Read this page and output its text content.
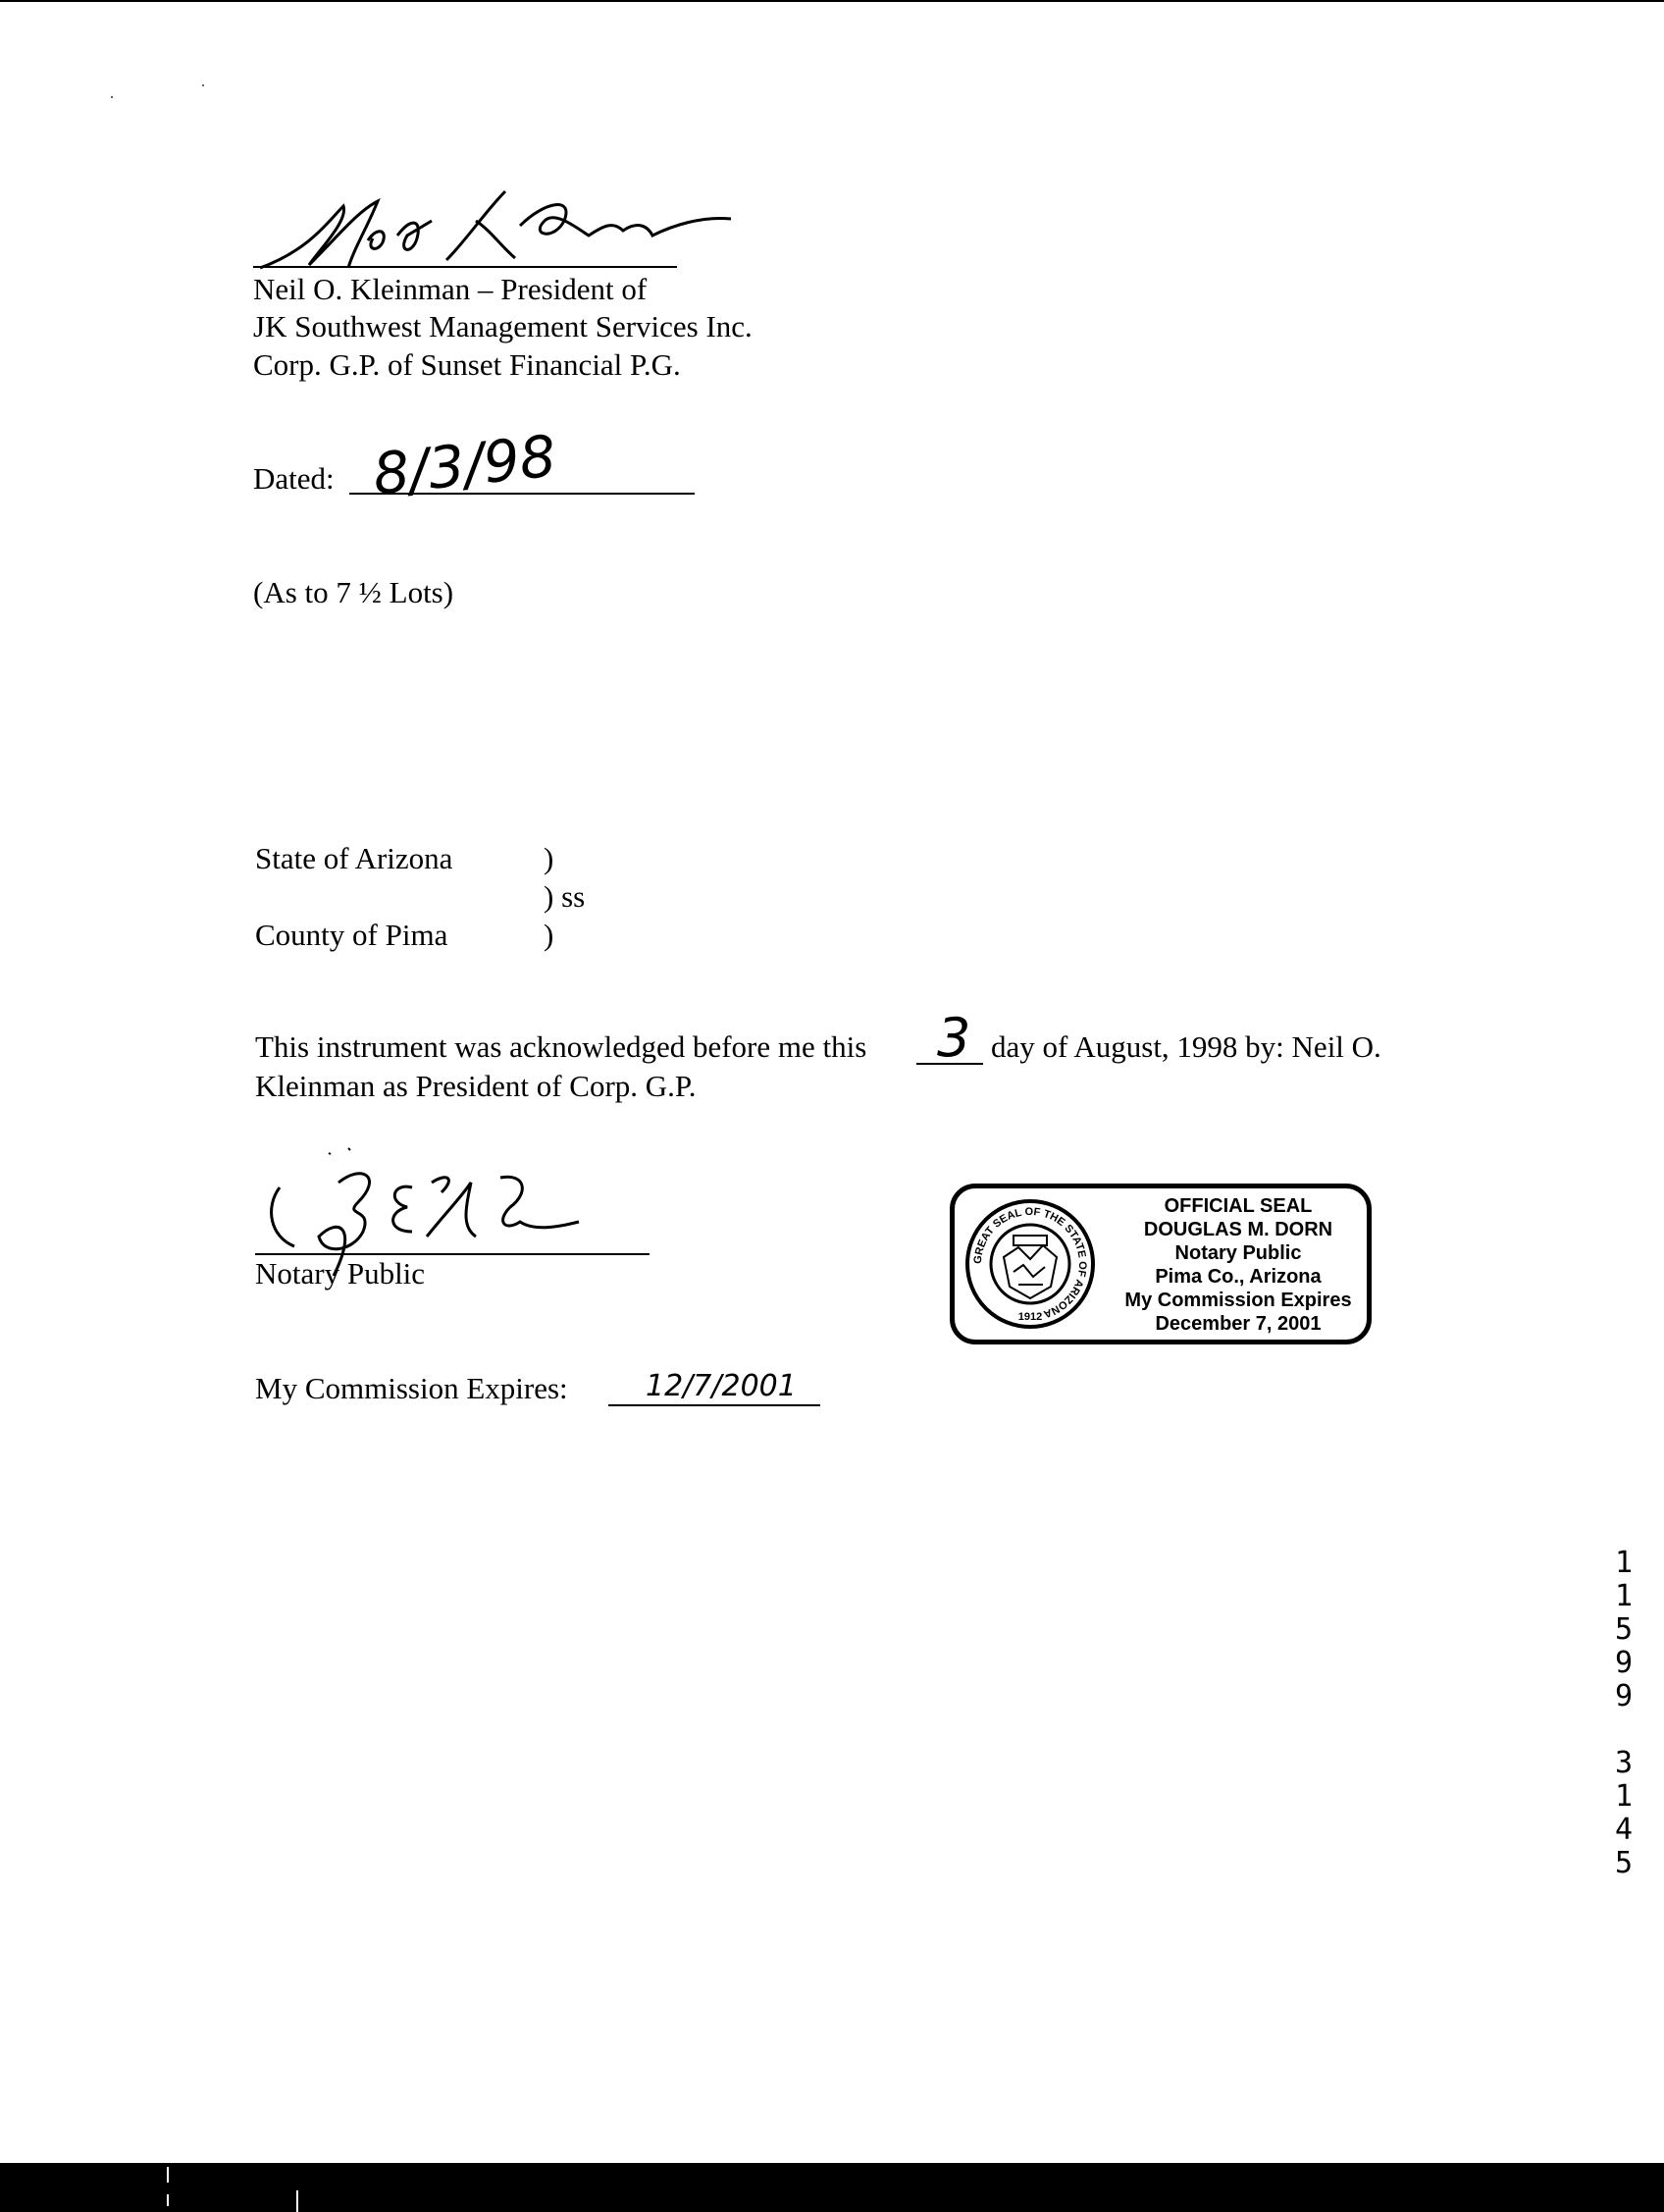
Neil O. Kleinman – President of
JK Southwest Management Services Inc.
Corp. G.P. of Sunset Financial P.G.
Dated: 8/3/98
(As to 7 ½ Lots)
State of Arizona	)
) ss
County of Pima	)
This instrument was acknowledged before me this 3 day of August, 1998 by: Neil O.
Kleinman as President of Corp. G.P.
Notary Public
My Commission Expires:	12/7/2001
GREAT SEAL OF THE STATE OF ARIZONA
1912
OFFICIAL SEAL
DOUGLAS M. DORN
Notary Public
Pima Co., Arizona
My Commission Expires
December 7, 2001
1
1
5
9
9
3
1
4
5
